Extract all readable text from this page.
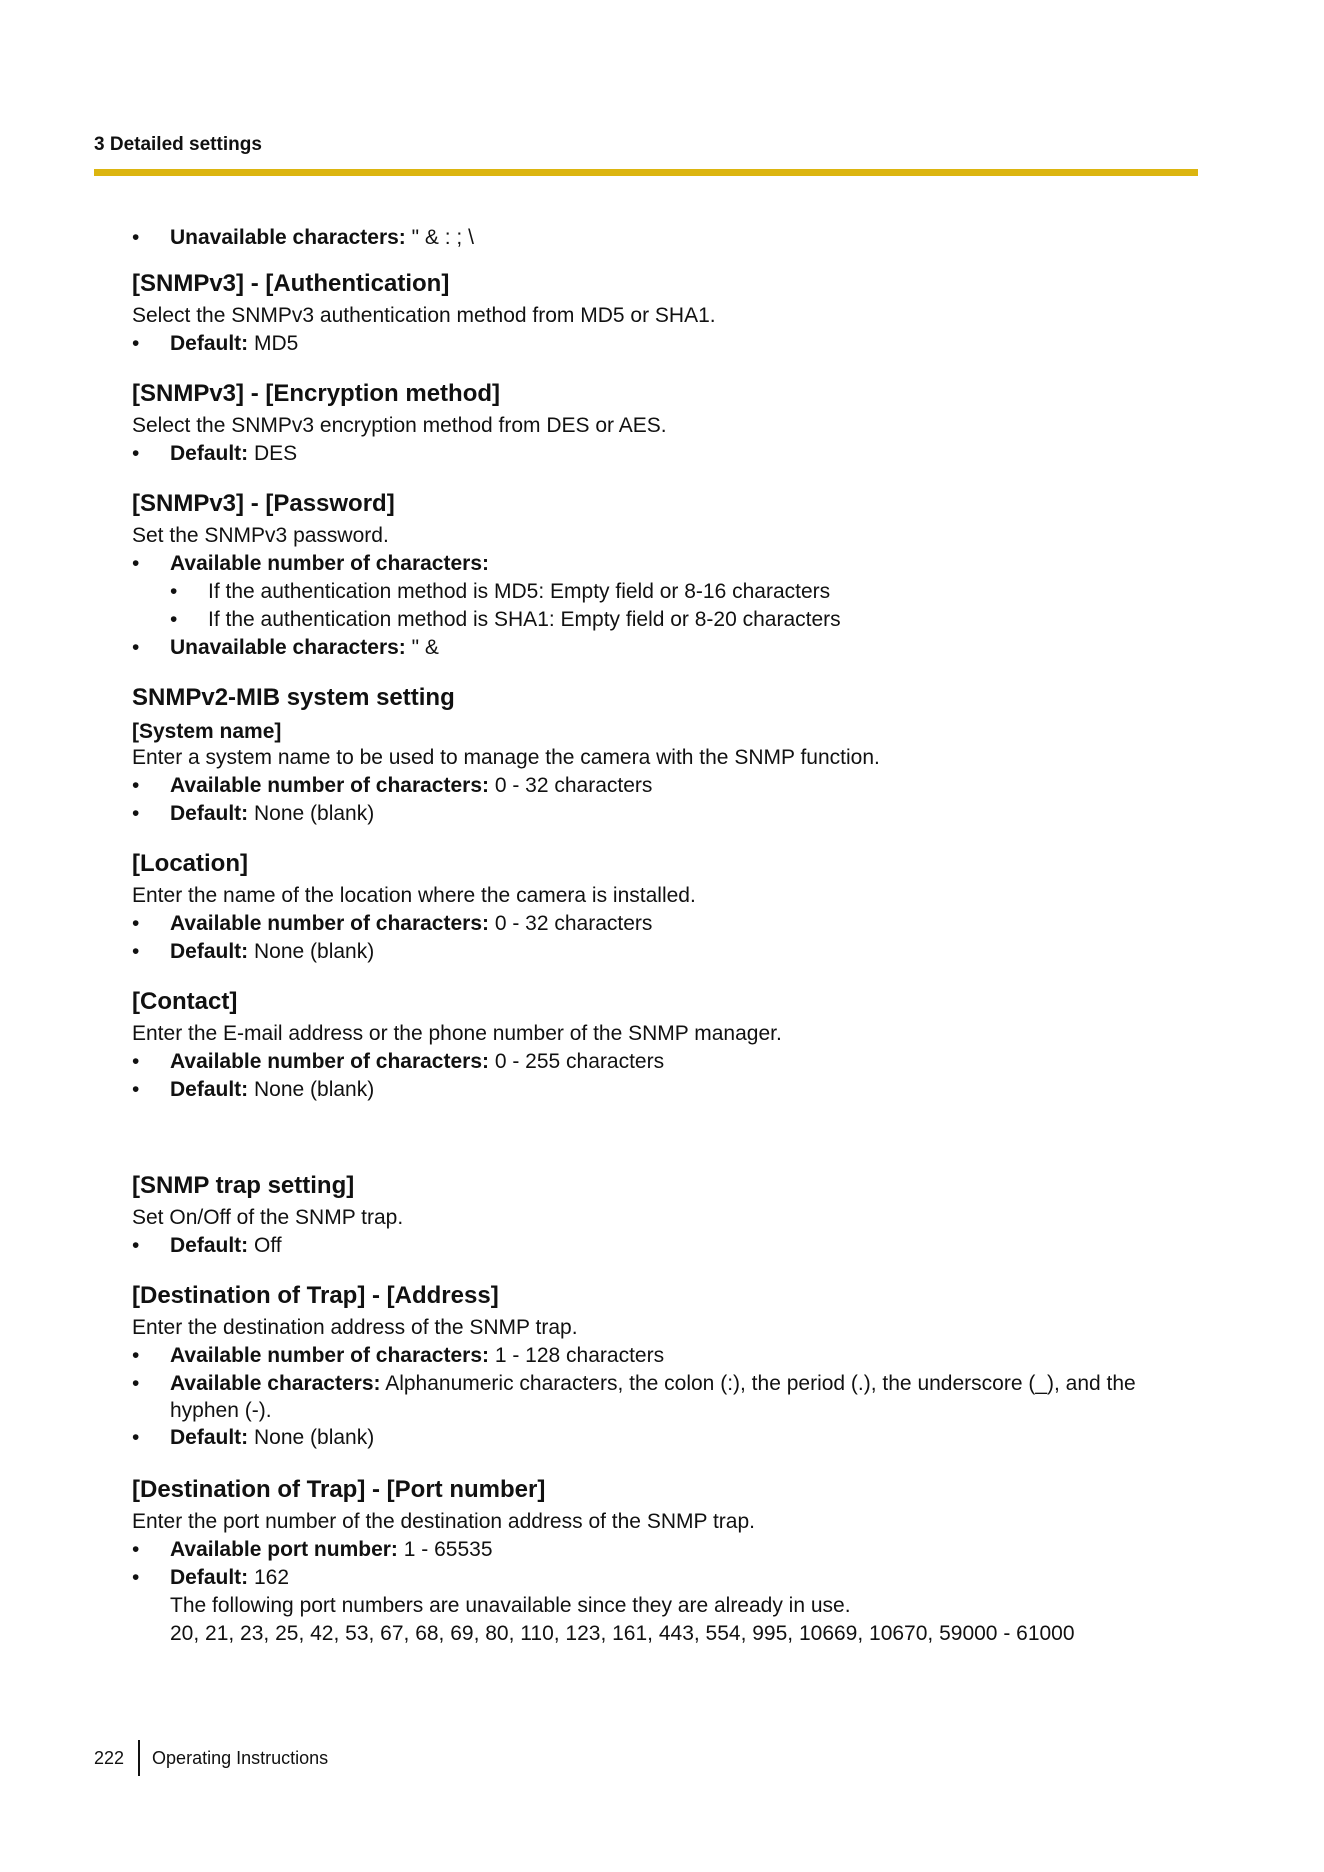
3 Detailed settings
• Unavailable characters: " & : ; \
[SNMPv3] - [Authentication]
Select the SNMPv3 authentication method from MD5 or SHA1.
• Default: MD5
[SNMPv3] - [Encryption method]
Select the SNMPv3 encryption method from DES or AES.
• Default: DES
[SNMPv3] - [Password]
Set the SNMPv3 password.
• Available number of characters:
• If the authentication method is MD5: Empty field or 8-16 characters
• If the authentication method is SHA1: Empty field or 8-20 characters
• Unavailable characters: " &
SNMPv2-MIB system setting
[System name]
Enter a system name to be used to manage the camera with the SNMP function.
• Available number of characters: 0 - 32 characters
• Default: None (blank)
[Location]
Enter the name of the location where the camera is installed.
• Available number of characters: 0 - 32 characters
• Default: None (blank)
[Contact]
Enter the E-mail address or the phone number of the SNMP manager.
• Available number of characters: 0 - 255 characters
• Default: None (blank)
[SNMP trap setting]
Set On/Off of the SNMP trap.
• Default: Off
[Destination of Trap] - [Address]
Enter the destination address of the SNMP trap.
• Available number of characters: 1 - 128 characters
• Available characters: Alphanumeric characters, the colon (:), the period (.), the underscore (_), and the hyphen (-).
• Default: None (blank)
[Destination of Trap] - [Port number]
Enter the port number of the destination address of the SNMP trap.
• Available port number: 1 - 65535
• Default: 162
The following port numbers are unavailable since they are already in use.
20, 21, 23, 25, 42, 53, 67, 68, 69, 80, 110, 123, 161, 443, 554, 995, 10669, 10670, 59000 - 61000
222	Operating Instructions
